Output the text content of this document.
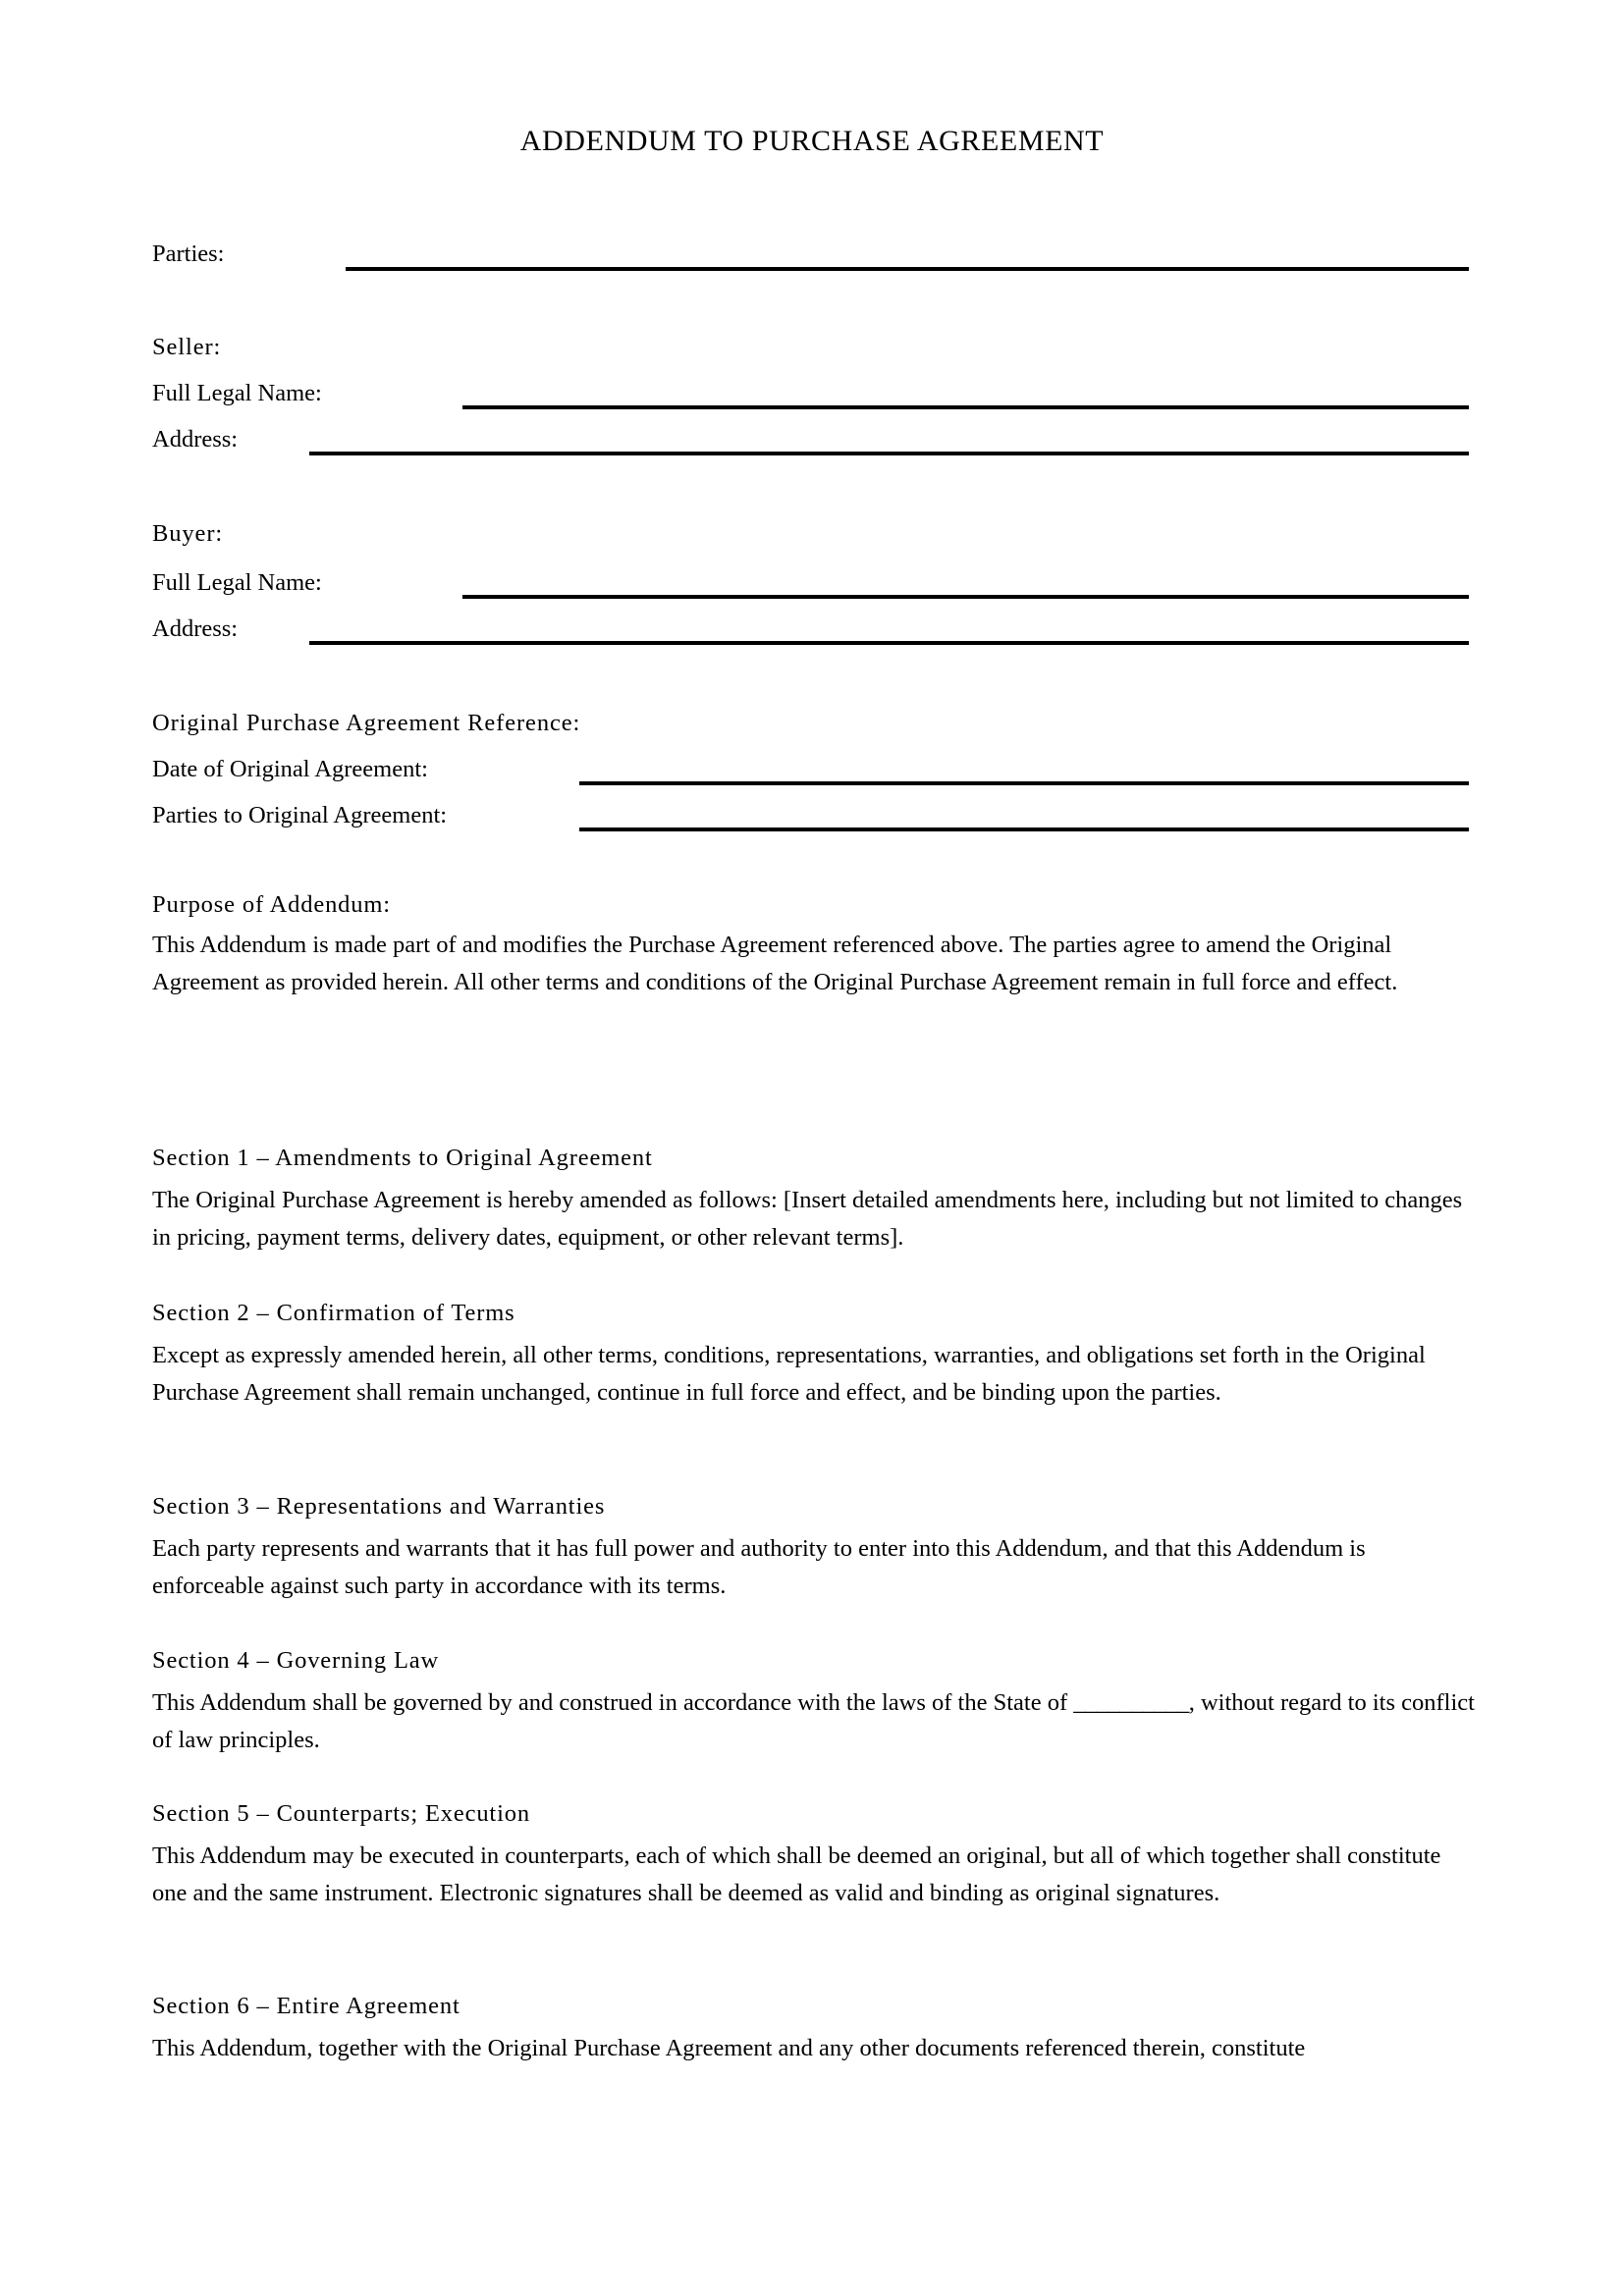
ADDENDUM TO PURCHASE AGREEMENT
Parties:
Seller:
Full Legal Name:
Address:
Buyer:
Full Legal Name:
Address:
Original Purchase Agreement Reference:
Date of Original Agreement:
Parties to Original Agreement:
Purpose of Addendum:
This Addendum is made part of and modifies the Purchase Agreement referenced above. The parties agree to amend the Original Agreement as provided herein. All other terms and conditions of the Original Purchase Agreement remain in full force and effect.
Section 1 – Amendments to Original Agreement
The Original Purchase Agreement is hereby amended as follows: [Insert detailed amendments here, including but not limited to changes in pricing, payment terms, delivery dates, equipment, or other relevant terms].
Section 2 – Confirmation of Terms
Except as expressly amended herein, all other terms, conditions, representations, warranties, and obligations set forth in the Original Purchase Agreement shall remain unchanged, continue in full force and effect, and be binding upon the parties.
Section 3 – Representations and Warranties
Each party represents and warrants that it has full power and authority to enter into this Addendum, and that this Addendum is enforceable against such party in accordance with its terms.
Section 4 – Governing Law
This Addendum shall be governed by and construed in accordance with the laws of the State of __________, without regard to its conflict of law principles.
Section 5 – Counterparts; Execution
This Addendum may be executed in counterparts, each of which shall be deemed an original, but all of which together shall constitute one and the same instrument. Electronic signatures shall be deemed as valid and binding as original signatures.
Section 6 – Entire Agreement
This Addendum, together with the Original Purchase Agreement and any other documents referenced therein, constitute
